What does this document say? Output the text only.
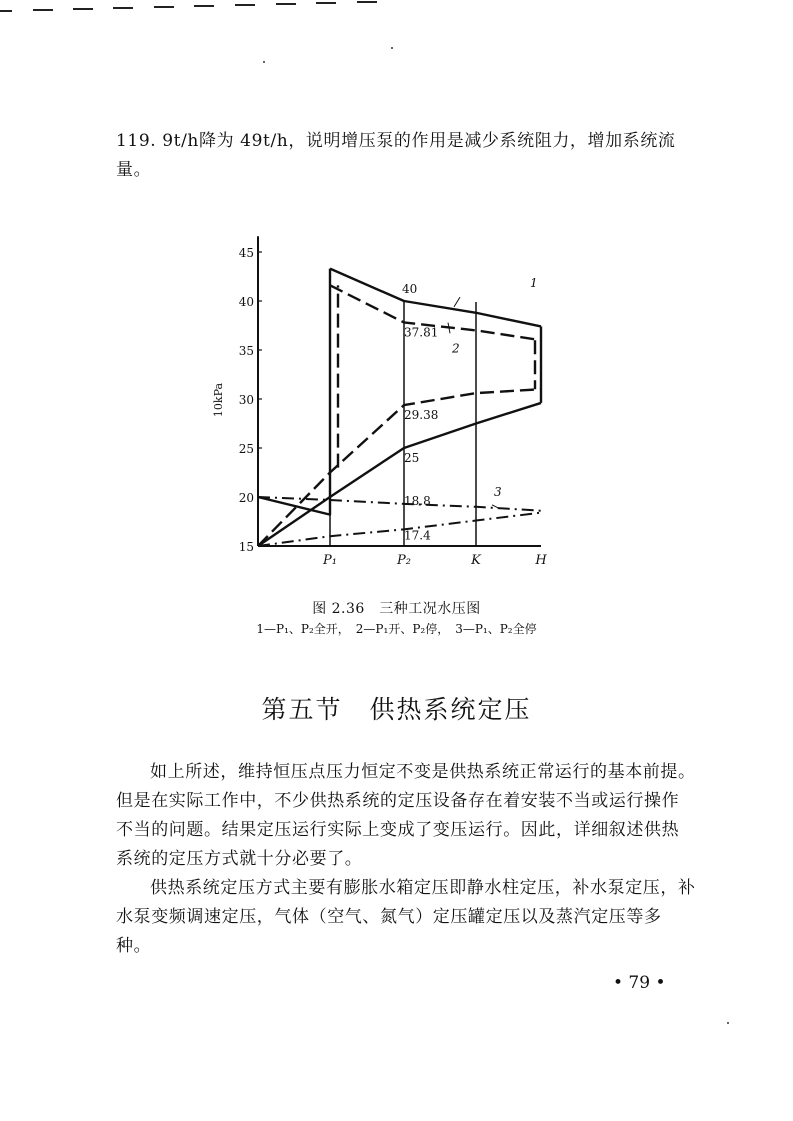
119. 9t/h降为 49t/h，说明增压泵的作用是减少系统阻力，增加系统流量。
15
20
25
30
35
40
45
P₁	P₂	K	H
10kPa
40	1
37.81
2
29.38
25
18.8
3
17.4
图 2.36　三种工况水压图
1—P₁、P₂全开，　2—P₁开、P₂停，　3—P₁、P₂全停
第五节　供热系统定压
如上所述，维持恒压点压力恒定不变是供热系统正常运行的基本前提。但是在实际工作中，不少供热系统的定压设备存在着安装不当或运行操作不当的问题。结果定压运行实际上变成了变压运行。因此，详细叙述供热系统的定压方式就十分必要了。
供热系统定压方式主要有膨胀水箱定压即静水柱定压，补水泵定压，补水泵变频调速定压，气体（空气、氮气）定压罐定压以及蒸汽定压等多种。
• 79 •
